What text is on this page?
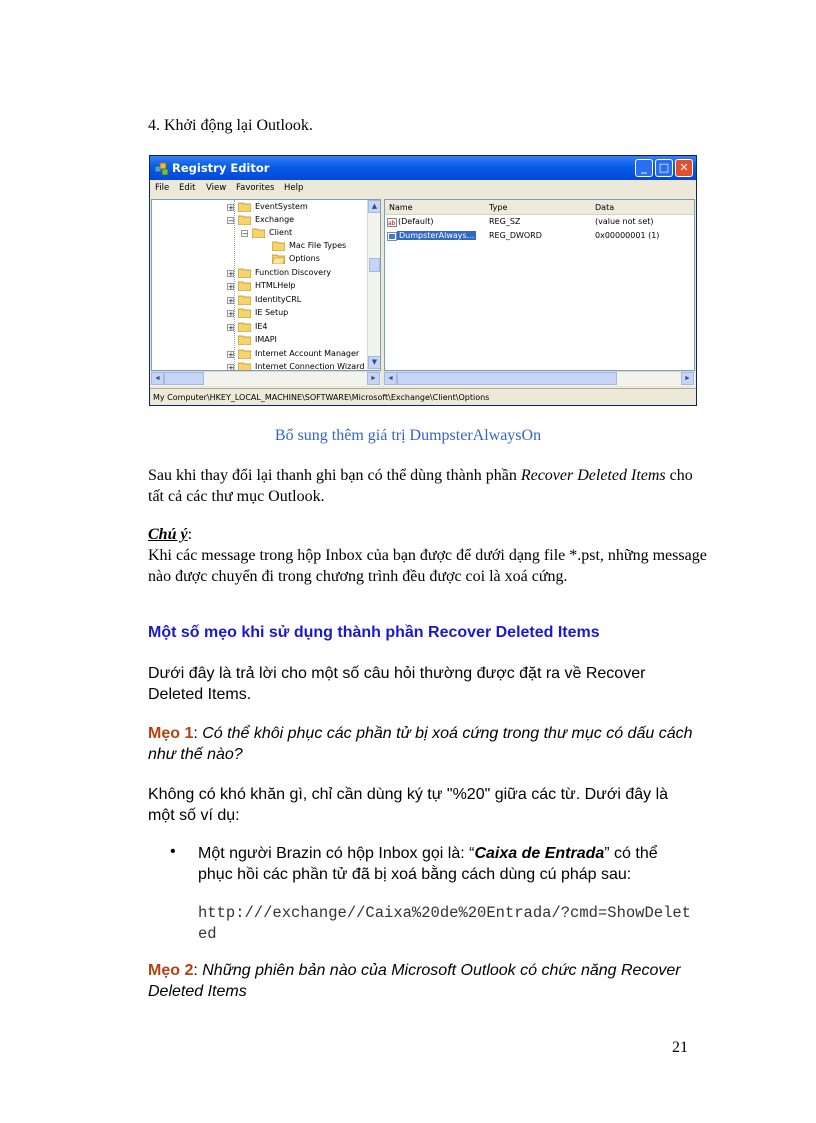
4. Khởi động lại Outlook.
Registry Editor	_	□ ✕
File Edit View Favorites Help
+	EventSystem
−	Exchange
−	Client
Mac File Types
Options
+	Function Discovery
+	HTMLHelp
+	IdentityCRL
+	IE Setup
+	IE4
IMAPI
+	Internet Account Manager
+	Internet Connection Wizard
▲
▼
Name	Type	Data
ab (Default)	REG_SZ	(value not set)
DumpsterAlways... REG_DWORD	0x00000001 (1)
◄	►	◄	►
My Computer\HKEY_LOCAL_MACHINE\SOFTWARE\Microsoft\Exchange\Client\Options
Bổ sung thêm giá trị DumpsterAlwaysOn
Sau khi thay đổi lại thanh ghi bạn có thể dùng thành phần Recover Deleted Items cho tất cả các thư mục Outlook.
Chú ý:
Khi các message trong hộp Inbox của bạn được để dưới dạng file *.pst, những message nào được chuyển đi trong chương trình đều được coi là xoá cứng.
Một số mẹo khi sử dụng thành phần Recover Deleted Items
Dưới đây là trả lời cho một số câu hỏi thường được đặt ra về Recover Deleted Items.
Mẹo 1: Có thể khôi phục các phần tử bị xoá cứng trong thư mục có dấu cách như thế nào?
Không có khó khăn gì, chỉ cần dùng ký tự "%20" giữa các từ. Dưới đây là một số ví dụ:
• Một người Brazin có hộp Inbox gọi là: “Caixa de Entrada” có thể phục hồi các phần tử đã bị xoá bằng cách dùng cú pháp sau:
http:///exchange//Caixa%20de%20Entrada/?cmd=ShowDeleted
Mẹo 2: Những phiên bản nào của Microsoft Outlook có chức năng Recover Deleted Items
21
